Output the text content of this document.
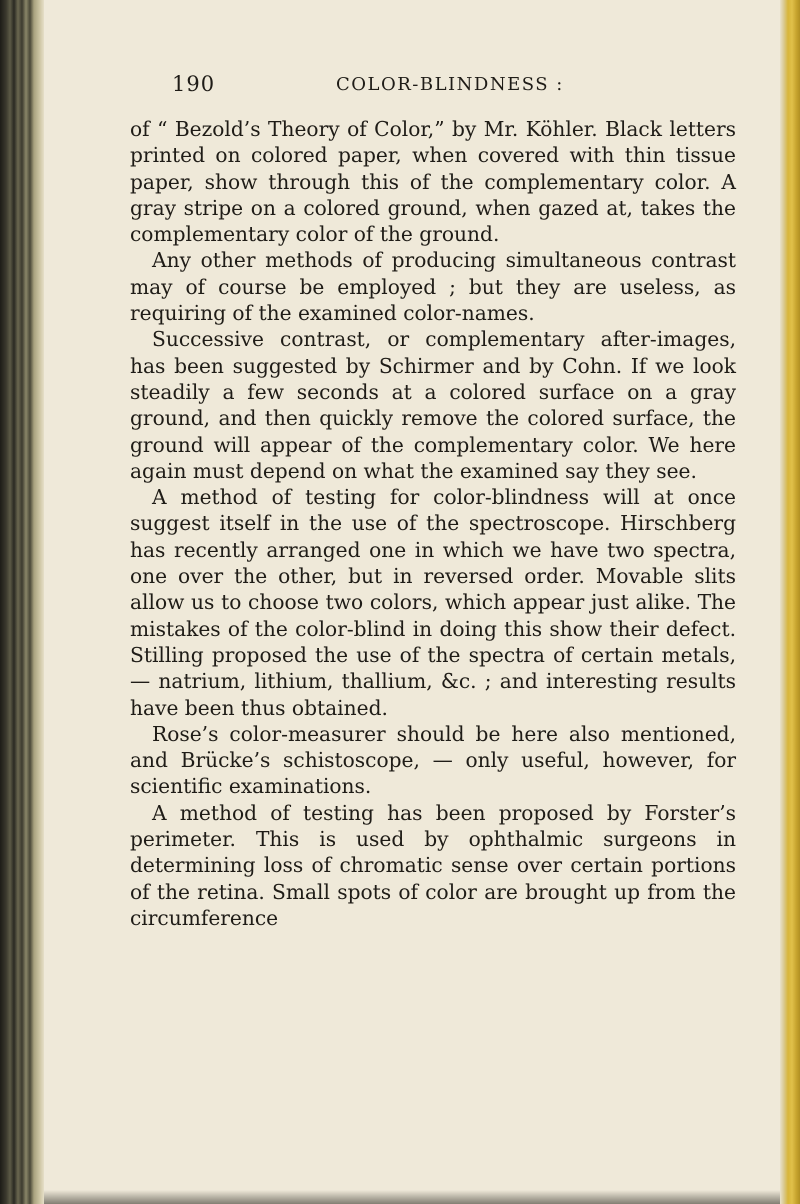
190	COLOR-BLINDNESS :

of “ Bezold’s Theory of Color,” by Mr. Köhler. Black letters printed on colored paper, when covered with thin tissue paper, show through this of the complementary color. A gray stripe on a colored ground, when gazed at, takes the complementary color of the ground.

Any other methods of producing simultaneous contrast may of course be employed ; but they are useless, as requiring of the examined color-names.

Successive contrast, or complementary after-images, has been suggested by Schirmer and by Cohn. If we look steadily a few seconds at a colored surface on a gray ground, and then quickly remove the colored surface, the ground will appear of the complementary color. We here again must depend on what the examined say they see.

A method of testing for color-blindness will at once suggest itself in the use of the spectroscope. Hirschberg has recently arranged one in which we have two spectra, one over the other, but in reversed order. Movable slits allow us to choose two colors, which appear just alike. The mistakes of the color-blind in doing this show their defect. Stilling proposed the use of the spectra of certain metals, — natrium, lithium, thallium, &c. ; and interesting results have been thus obtained.

Rose’s color-measurer should be here also mentioned, and Brücke’s schistoscope, — only useful, however, for scientific examinations.

A method of testing has been proposed by Forster’s perimeter. This is used by ophthalmic surgeons in determining loss of chromatic sense over certain portions of the retina. Small spots of color are brought up from the circumference
